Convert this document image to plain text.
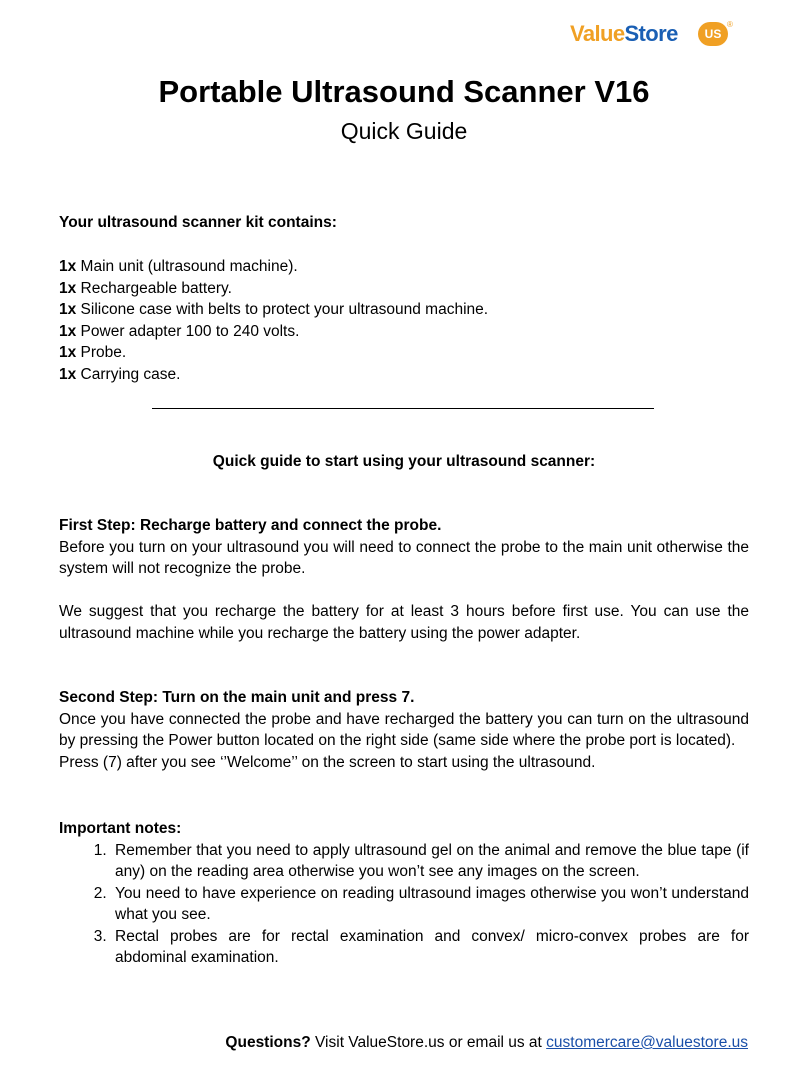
ValueStore	US
®
Portable Ultrasound Scanner V16
Quick Guide
Your ultrasound scanner kit contains:
1x Main unit (ultrasound machine).
1x Rechargeable battery.
1x Silicone case with belts to protect your ultrasound machine.
1x Power adapter 100 to 240 volts.
1x Probe.
1x Carrying case.
Quick guide to start using your ultrasound scanner:
First Step: Recharge battery and connect the probe.
Before you turn on your ultrasound you will need to connect the probe to the main unit otherwise the system will not recognize the probe.
We suggest that you recharge the battery for at least 3 hours before first use. You can use the ultrasound machine while you recharge the battery using the power adapter.
Second Step: Turn on the main unit and press 7.
Once you have connected the probe and have recharged the battery you can turn on the ultrasound by pressing the Power button located on the right side (same side where the probe port is located).
Press (7) after you see ‘’Welcome’’ on the screen to start using the ultrasound.
Important notes:
1. Remember that you need to apply ultrasound gel on the animal and remove the blue tape (if any) on the reading area otherwise you won’t see any images on the screen.
2. You need to have experience on reading ultrasound images otherwise you won’t understand what you see.
3. Rectal probes are for rectal examination and convex/ micro-convex probes are for abdominal examination.
Questions? Visit ValueStore.us or email us at customercare@valuestore.us
